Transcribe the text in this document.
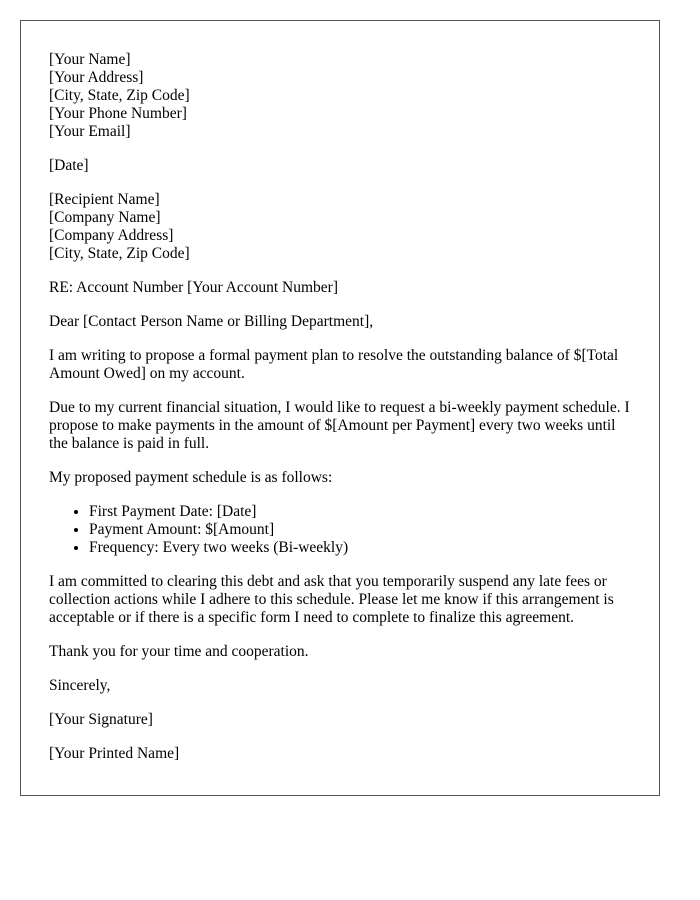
[Your Name]
[Your Address]
[City, State, Zip Code]
[Your Phone Number]
[Your Email]
[Date]
[Recipient Name]
[Company Name]
[Company Address]
[City, State, Zip Code]

RE: Account Number [Your Account Number]

Dear [Contact Person Name or Billing Department],

I am writing to propose a formal payment plan to resolve the outstanding balance of $[Total Amount Owed] on my account.

Due to my current financial situation, I would like to request a bi-weekly payment schedule. I propose to make payments in the amount of $[Amount per Payment] every two weeks until the balance is paid in full.

My proposed payment schedule is as follows:

• First Payment Date: [Date]
• Payment Amount: $[Amount]
• Frequency: Every two weeks (Bi-weekly)

I am committed to clearing this debt and ask that you temporarily suspend any late fees or collection actions while I adhere to this schedule. Please let me know if this arrangement is acceptable or if there is a specific form I need to complete to finalize this agreement.

Thank you for your time and cooperation.

Sincerely,

[Your Signature]

[Your Printed Name]
